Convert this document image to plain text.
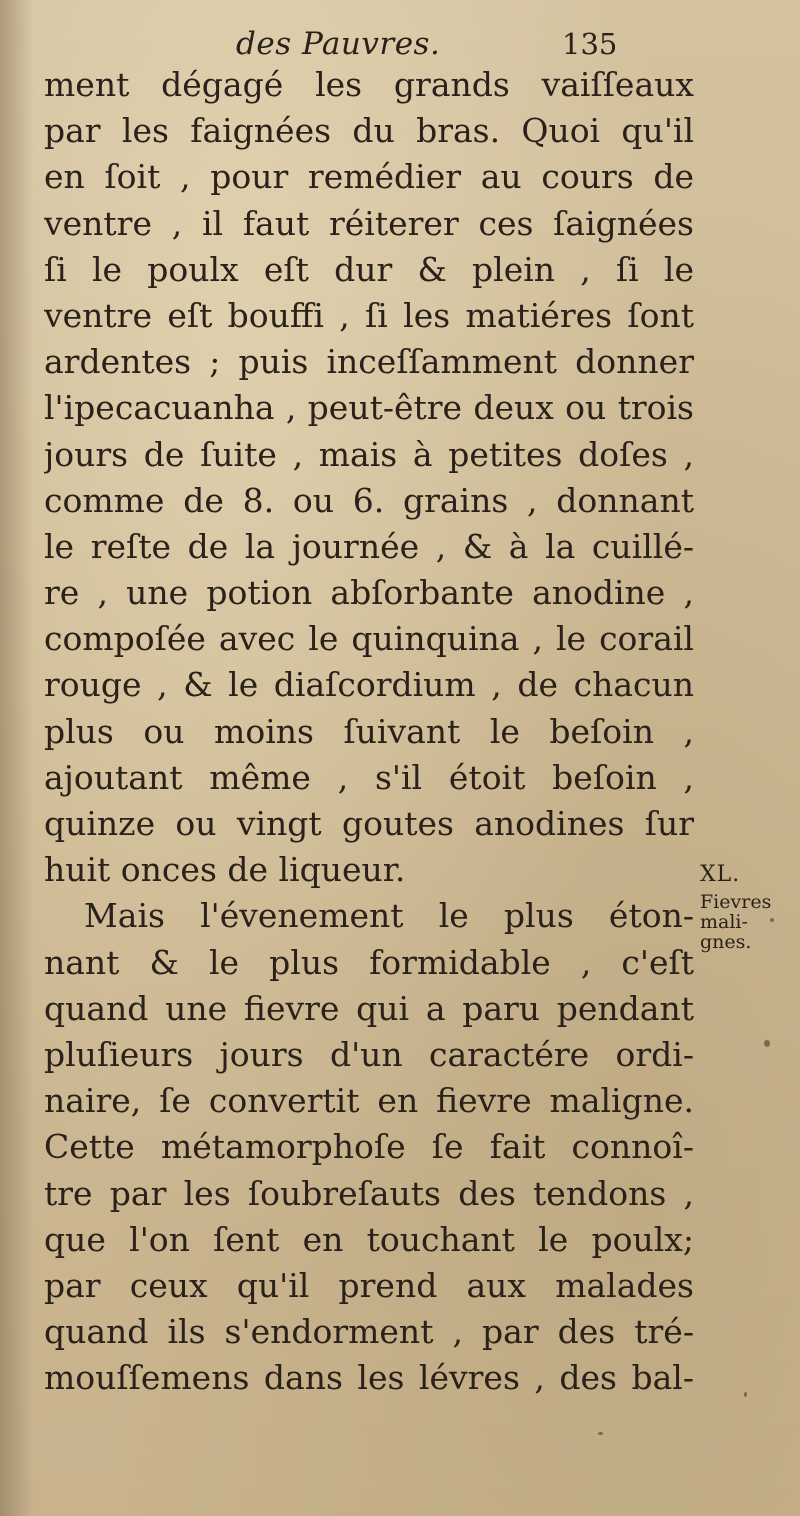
des Pauvres.	135
ment dégagé les grands vaiſſeaux
par les faignées du bras. Quoi qu'il
en ſoit , pour remédier au cours de
ventre , il faut réiterer ces ſaignées
ſi le poulx eſt dur & plein , ſi le
ventre eſt bouffi , ſi les matiéres ſont
ardentes ; puis inceſſamment donner
l'ipecacuanha , peut-être deux ou trois
jours de ſuite , mais à petites doſes ,
comme de 8. ou 6. grains , donnant
le reſte de la journée , & à la cuillé-
re , une potion abſorbante anodine ,
compoſée avec le quinquina , le corail
rouge , & le diaſcordium , de chacun
plus ou moins ſuivant le beſoin ,
ajoutant même , s'il étoit beſoin ,
quinze ou vingt goutes anodines ſur
huit onces de liqueur.
Mais l'évenement le plus éton-
nant & le plus formidable , c'eſt
quand une fievre qui a paru pendant
pluſieurs jours d'un caractére ordi-
naire, ſe convertit en fievre maligne.
Cette métamorphoſe ſe fait connoî-
tre par les ſoubreſauts des tendons ,
que l'on ſent en touchant le poulx;
par ceux qu'il prend aux malades
quand ils s'endorment , par des tré-
mouſſemens dans les lévres , des bal-
XL.
Fievres
mali-
gnes.
